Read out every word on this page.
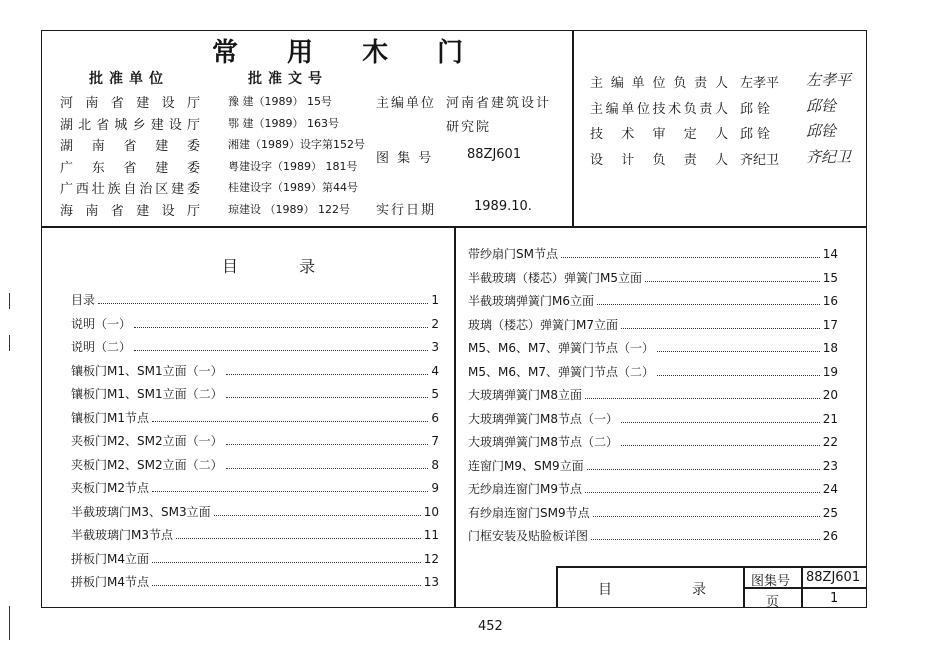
常 用 木 门
批准单位	批准文号
河南省建设厅	豫 建（1989） 15号
湖北省城乡建设厅	鄂 建（1989） 163号
湖南省建委	湘建（1989）设字第152号
广东省建委	粤建设字（1989） 181号
广西壮族自治区建委	桂建设字（1989）第44号
海南省建设厅	琼建设 （1989） 122号
主编单位 河南省建筑设计
研究院
图 集 号	88ZJ601
实行日期	1989.10.
主编单位负责人 左孝平 左孝平
主编单位技术负责人 邱 铨 邱铨
技 术 审 定 人 邱 铨 邱铨
设 计 负 责 人 齐纪卫 齐纪卫
目 录
目录	1
说明（一）	2
说明（二）	3
镶板门M1、SM1立面（一）	4
镶板门M1、SM1立面（二）	5
镶板门M1节点	6
夹板门M2、SM2立面（一）	7
夹板门M2、SM2立面（二）	8
夹板门M2节点	9
半截玻璃门M3、SM3立面	10
半截玻璃门M3节点	11
拼板门M4立面	12
拼板门M4节点	13
带纱扇门SM节点	14
半截玻璃（楼芯）弹簧门M5立面	15
半截玻璃弹簧门M6立面	16
玻璃（楼芯）弹簧门M7立面	17
M5、M6、M7、弹簧门节点（一）	18
M5、M6、M7、弹簧门节点（二）	19
大玻璃弹簧门M8立面	20
大玻璃弹簧门M8节点（一）	21
大玻璃弹簧门M8节点（二）	22
连窗门M9、SM9立面	23
无纱扇连窗门M9节点	24
有纱扇连窗门SM9节点	25
门框安装及贴脸板详图	26
目	录
图集号 88ZJ601
页	1
452
